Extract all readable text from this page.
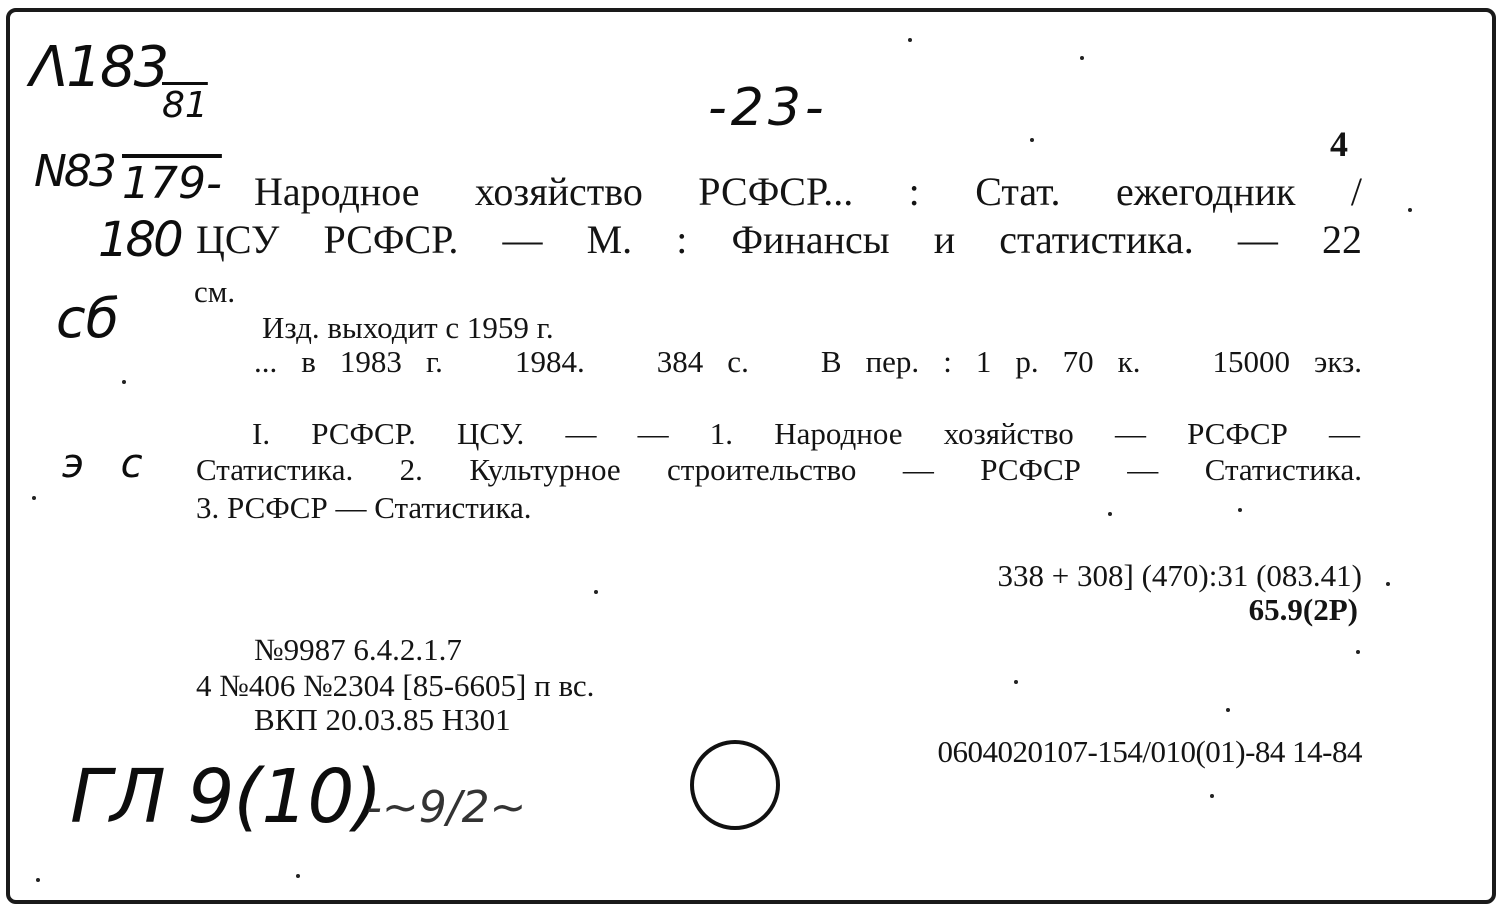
Λ183
81
N83 179-
180
-23-
сб
э с
ГЛ 9(10)
-~9/2~
4
Народное хозяйство РСФСР... : Стат. ежегодник /
ЦСУ РСФСР. — М. : Финансы и статистика. — 22
см.
Изд. выходит с 1959 г.
... в 1983 г.   1984.   384 с.   В пер. : 1 р. 70 к.   15000 экз.
I. РСФСР. ЦСУ. — — 1. Народное хозяйство — РСФСР —
Статистика. 2. Культурное строительство — РСФСР — Статистика.
3. РСФСР — Статистика.
338 + 308] (470):31 (083.41)
65.9(2Р)
№9987 6.4.2.1.7
4 №406 №2304 [85-6605] п вс.
ВКП 20.03.85 Н301
0604020107-154/010(01)-84 14-84
